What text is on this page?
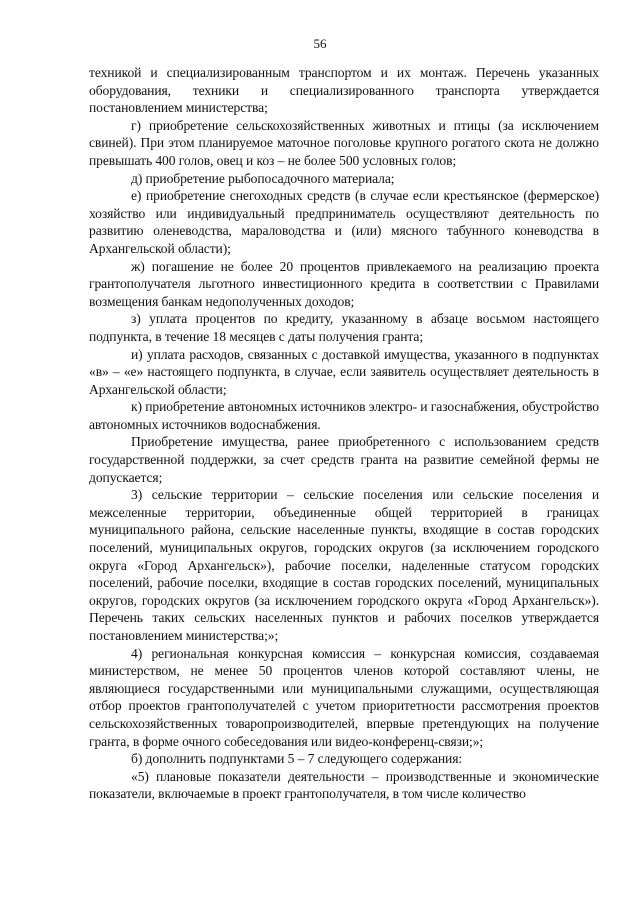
56

техникой и специализированным транспортом и их монтаж. Перечень указанных оборудования, техники и специализированного транспорта утверждается постановлением министерства;

г) приобретение сельскохозяйственных животных и птицы (за исключением свиней). При этом планируемое маточное поголовье крупного рогатого скота не должно превышать 400 голов, овец и коз – не более 500 условных голов;

д) приобретение рыбопосадочного материала;

е) приобретение снегоходных средств (в случае если крестьянское (фермерское) хозяйство или индивидуальный предприниматель осуществляют деятельность по развитию оленеводства, мараловодства и (или) мясного табунного коневодства в Архангельской области);

ж) погашение не более 20 процентов привлекаемого на реализацию проекта грантополучателя льготного инвестиционного кредита в соответствии с Правилами возмещения банкам недополученных доходов;

з) уплата процентов по кредиту, указанному в абзаце восьмом настоящего подпункта, в течение 18 месяцев с даты получения гранта;

и) уплата расходов, связанных с доставкой имущества, указанного в подпунктах «в» – «е» настоящего подпункта, в случае, если заявитель осуществляет деятельность в Архангельской области;

к) приобретение автономных источников электро- и газоснабжения, обустройство автономных источников водоснабжения.

Приобретение имущества, ранее приобретенного с использованием средств государственной поддержки, за счет средств гранта на развитие семейной фермы не допускается;

3) сельские территории – сельские поселения или сельские поселения и межселенные территории, объединенные общей территорией в границах муниципального района, сельские населенные пункты, входящие в состав городских поселений, муниципальных округов, городских округов (за исключением городского округа «Город Архангельск»), рабочие поселки, наделенные статусом городских поселений, рабочие поселки, входящие в состав городских поселений, муниципальных округов, городских округов (за исключением городского округа «Город Архангельск»). Перечень таких сельских населенных пунктов и рабочих поселков утверждается постановлением министерства;»;

4) региональная конкурсная комиссия – конкурсная комиссия, создаваемая министерством, не менее 50 процентов членов которой составляют члены, не являющиеся государственными или муниципальными служащими, осуществляющая отбор проектов грантополучателей с учетом приоритетности рассмотрения проектов сельскохозяйственных товаропроизводителей, впервые претендующих на получение гранта, в форме очного собеседования или видео-конференц-связи;»;

б) дополнить подпунктами 5 – 7 следующего содержания:

«5) плановые показатели деятельности – производственные и экономические показатели, включаемые в проект грантополучателя, в том числе количество
